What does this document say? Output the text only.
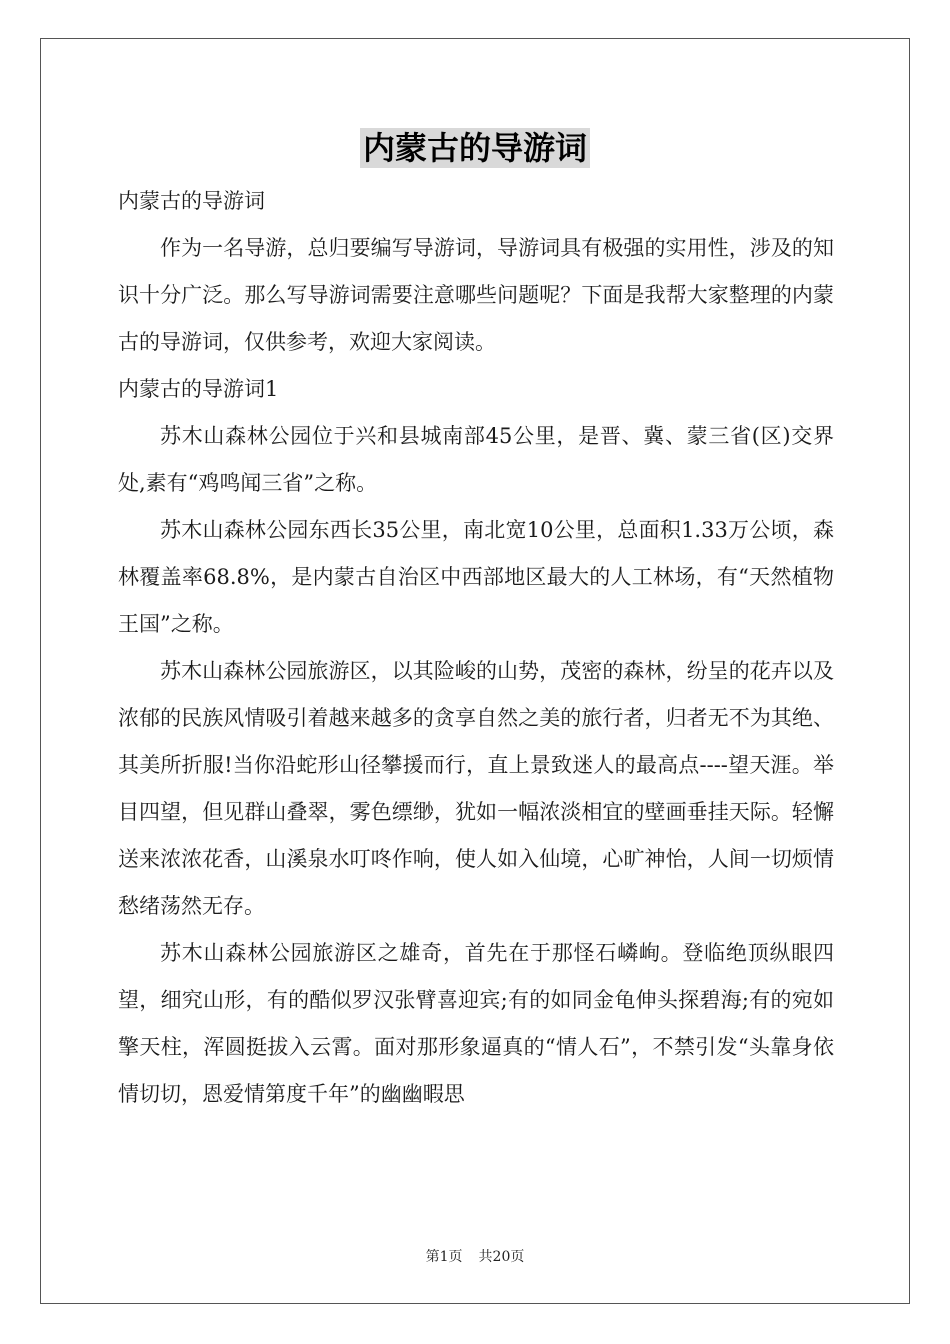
内蒙古的导游词

内蒙古的导游词

作为一名导游，总归要编写导游词，导游词具有极强的实用性，涉及的知识十分广泛。那么写导游词需要注意哪些问题呢？下面是我帮大家整理的内蒙古的导游词，仅供参考，欢迎大家阅读。

内蒙古的导游词1

苏木山森林公园位于兴和县城南部45公里，是晋、冀、蒙三省(区)交界处,素有“鸡鸣闻三省”之称。

苏木山森林公园东西长35公里，南北宽10公里，总面积1.33万公顷，森林覆盖率68.8%，是内蒙古自治区中西部地区最大的人工林场，有“天然植物王国”之称。

苏木山森林公园旅游区，以其险峻的山势，茂密的森林，纷呈的花卉以及浓郁的民族风情吸引着越来越多的贪享自然之美的旅行者，归者无不为其绝、其美所折服!当你沿蛇形山径攀援而行，直上景致迷人的最高点----望天涯。举目四望，但见群山叠翠，雾色缥缈，犹如一幅浓淡相宜的壁画垂挂天际。轻懈送来浓浓花香，山溪泉水叮咚作响，使人如入仙境，心旷神怡，人间一切烦情愁绪荡然无存。

苏木山森林公园旅游区之雄奇，首先在于那怪石嶙峋。登临绝顶纵眼四望，细究山形，有的酷似罗汉张臂喜迎宾;有的如同金龟伸头探碧海;有的宛如擎天柱，浑圆挺拔入云霄。面对那形象逼真的“情人石”，不禁引发“头靠身依情切切，恩爱情第度千年”的幽幽暇思

第1页 共20页
